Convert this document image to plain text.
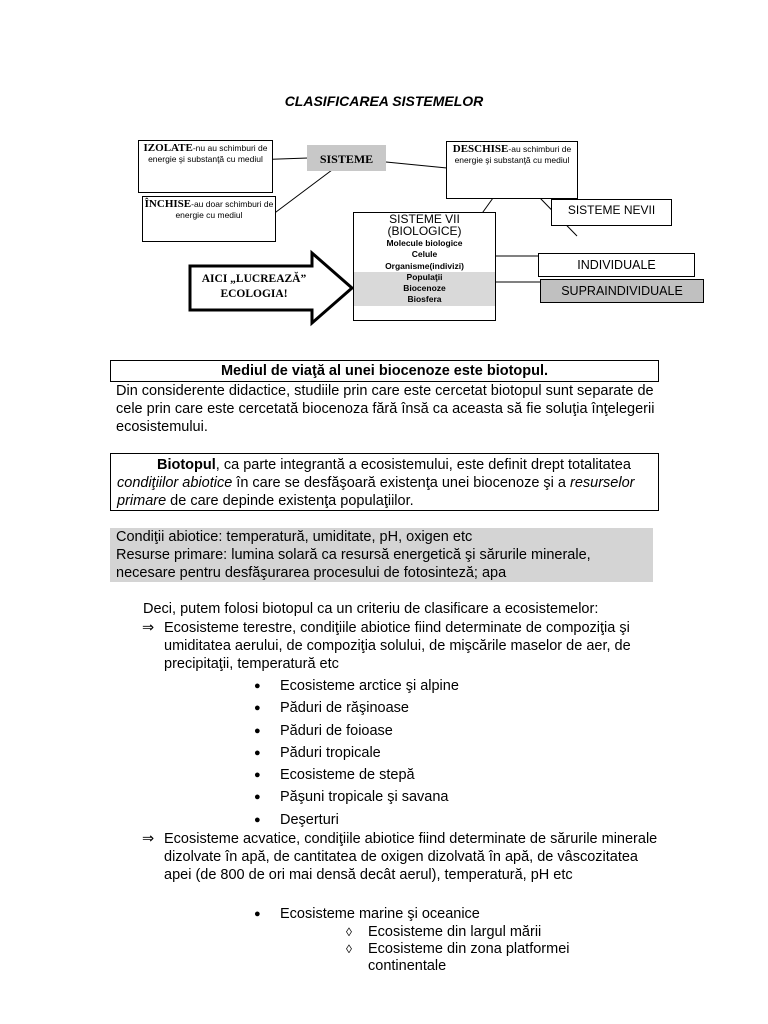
CLASIFICAREA SISTEMELOR
IZOLATE-nu au schimburi de energie şi substanţă cu mediul
ÎNCHISE-au doar schimburi de energie cu mediul
SISTEME
DESCHISE-au schimburi de energie şi substanţă cu mediul
SISTEME NEVII
SISTEME VII
(BIOLOGICE)
Molecule biologice
Celule
Organisme(indivizi)
Populaţii
Biocenoze
Biosfera
INDIVIDUALE
SUPRAINDIVIDUALE
AICI „LUCREAZĂ”
ECOLOGIA!
Mediul de viaţă al unei biocenoze este biotopul.
Din considerente didactice, studiile prin care este cercetat biotopul sunt separate de cele prin care este cercetată biocenoza fără însă ca aceasta să fie soluţia înţelegerii ecosistemului.
Biotopul, ca parte integrantă a ecosistemului, este definit drept totalitatea condiţiilor abiotice în care se desfăşoară existenţa unei biocenoze şi a resurselor primare de care depinde existenţa populaţiilor.
Condiţii abiotice: temperatură, umiditate, pH, oxigen etc
Resurse primare: lumina solară ca resursă energetică şi sărurile minerale, necesare pentru desfăşurarea procesului de fotosinteză; apa
Deci, putem folosi biotopul ca un criteriu de clasificare a ecosistemelor:
⇒ Ecosisteme terestre, condiţiile abiotice fiind determinate de compoziţia şi umiditatea aerului, de compoziţia solului, de mişcările maselor de aer, de precipitaţii, temperatură etc
● Ecosisteme arctice şi alpine
● Păduri de răşinoase
● Păduri de foioase
● Păduri tropicale
● Ecosisteme de stepă
● Păşuni tropicale şi savana
● Deşerturi
⇒ Ecosisteme acvatice, condiţiile abiotice fiind determinate de sărurile minerale dizolvate în apă, de cantitatea de oxigen dizolvată în apă, de vâscozitatea apei (de 800 de ori mai densă decât aerul), temperatură, pH etc
● Ecosisteme marine şi oceanice
◊ Ecosisteme din largul mării
◊ Ecosisteme din zona platformei continentale
